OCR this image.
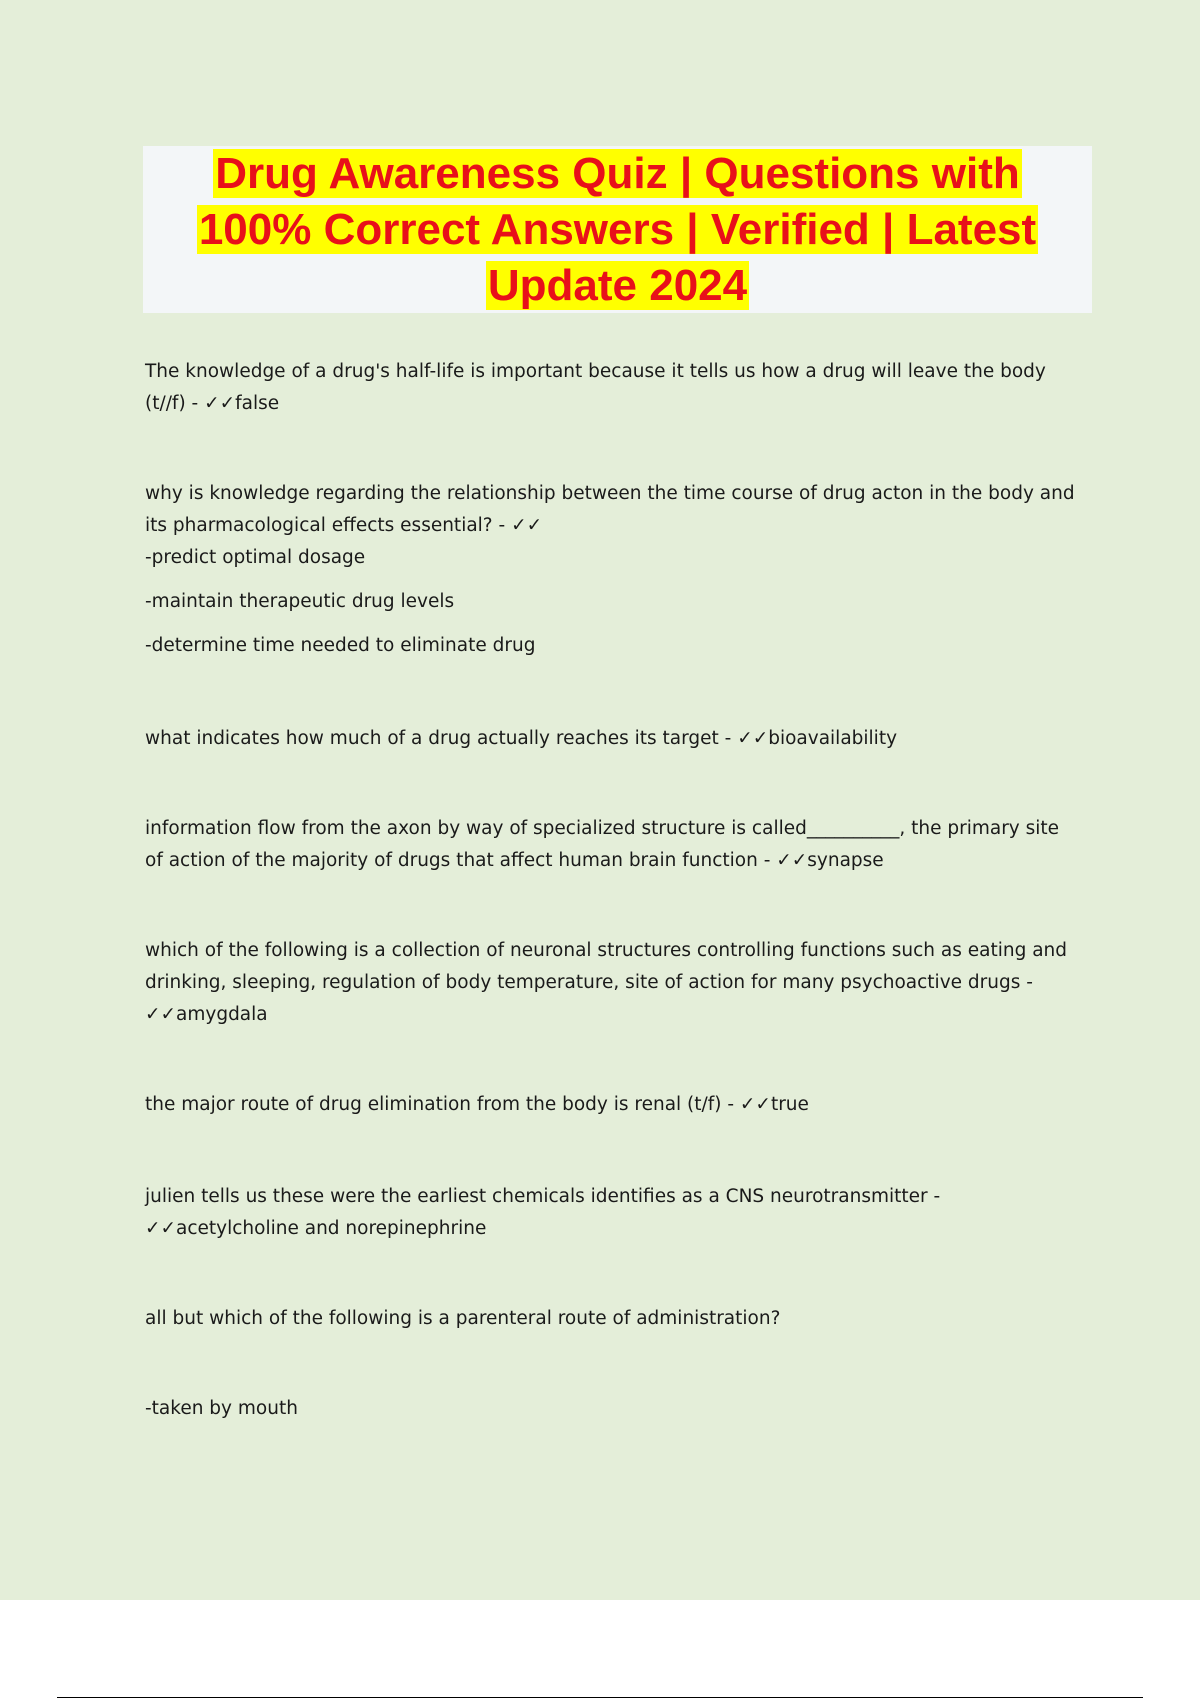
Drug Awareness Quiz | Questions with
100% Correct Answers | Verified | Latest
Update 2024

The knowledge of a drug's half-life is important because it tells us how a drug will leave the body (t//f) - ✓✓false

why is knowledge regarding the relationship between the time course of drug acton in the body and its pharmacological effects essential? - ✓✓
-predict optimal dosage
-maintain therapeutic drug levels
-determine time needed to eliminate drug

what indicates how much of a drug actually reaches its target - ✓✓bioavailability

information flow from the axon by way of specialized structure is called__________, the primary site of action of the majority of drugs that affect human brain function - ✓✓synapse

which of the following is a collection of neuronal structures controlling functions such as eating and drinking, sleeping, regulation of body temperature, site of action for many psychoactive drugs - ✓✓amygdala

the major route of drug elimination from the body is renal (t/f) - ✓✓true

julien tells us these were the earliest chemicals identifies as a CNS neurotransmitter - ✓✓acetylcholine and norepinephrine

all but which of the following is a parenteral route of administration?

-taken by mouth
